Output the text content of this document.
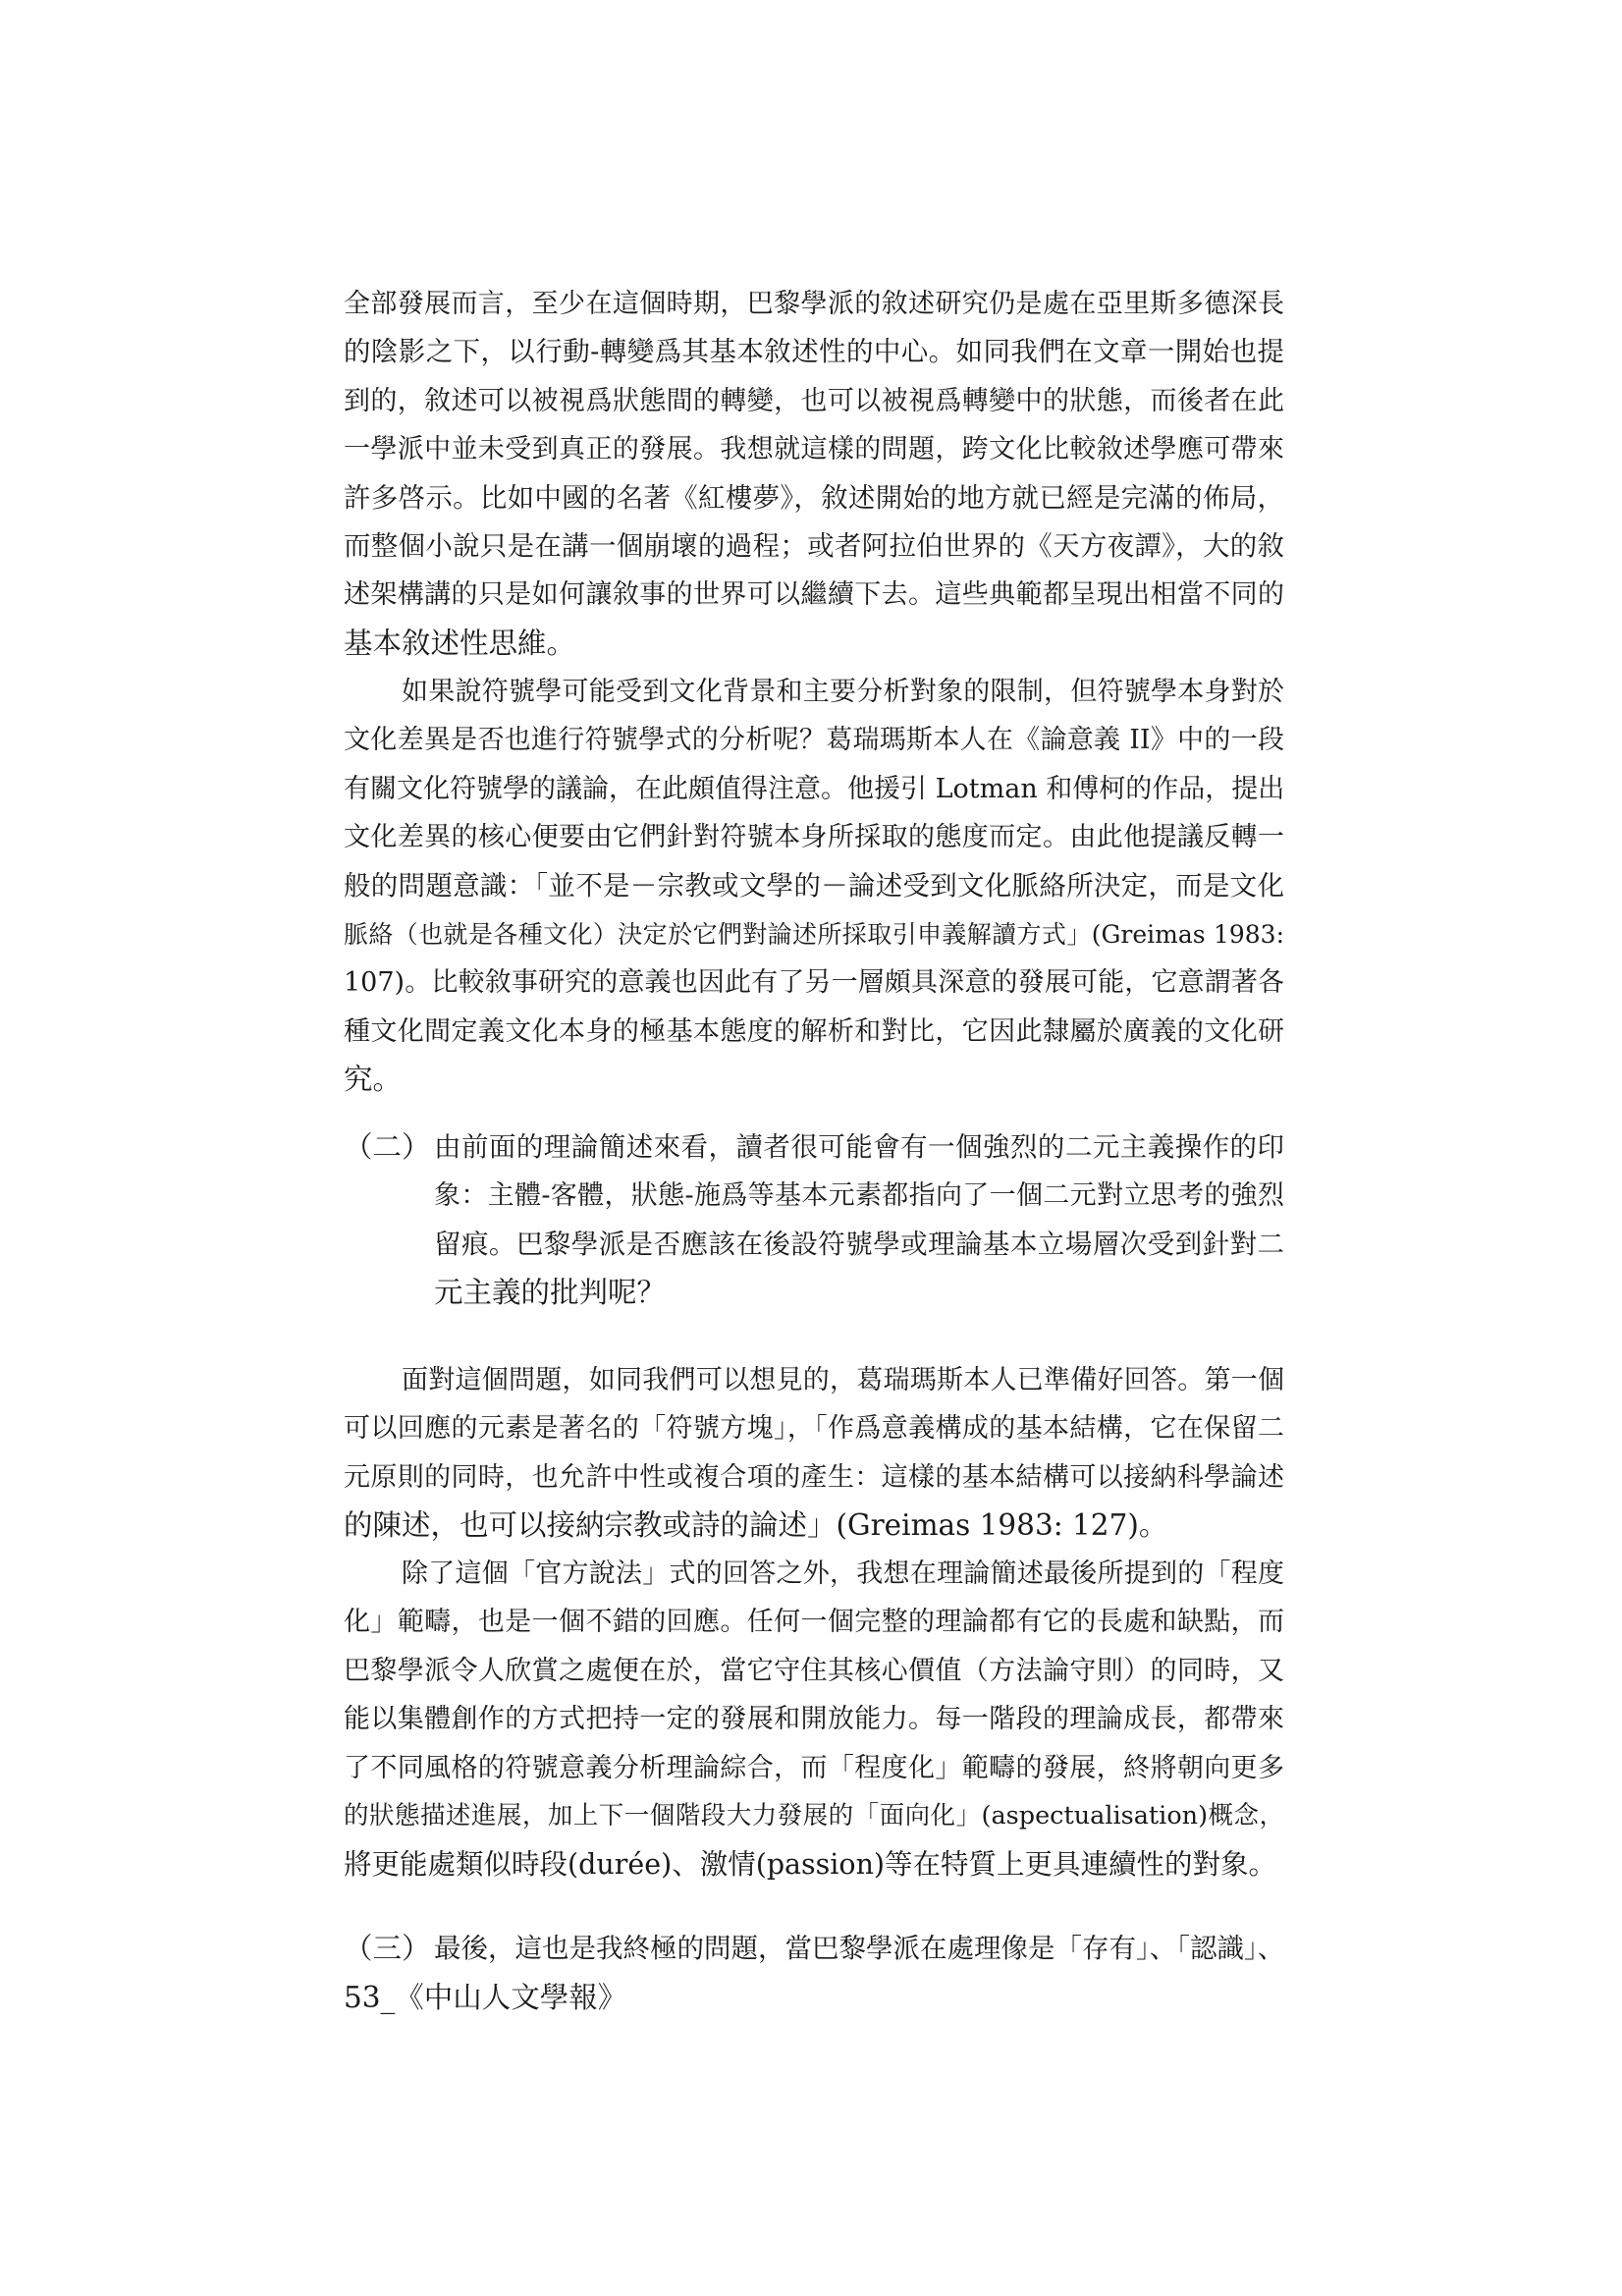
全部發展而言，至少在這個時期，巴黎學派的敘述研究仍是處在亞里斯多德深長
的陰影之下，以行動-轉變爲其基本敘述性的中心。如同我們在文章一開始也提
到的，敘述可以被視爲狀態間的轉變，也可以被視爲轉變中的狀態，而後者在此
一學派中並未受到真正的發展。我想就這樣的問題，跨文化比較敘述學應可帶來
許多啓示。比如中國的名著《紅樓夢》，敘述開始的地方就已經是完滿的佈局，
而整個小說只是在講一個崩壞的過程；或者阿拉伯世界的《天方夜譚》，大的敘
述架構講的只是如何讓敘事的世界可以繼續下去。這些典範都呈現出相當不同的
基本敘述性思維。
如果說符號學可能受到文化背景和主要分析對象的限制，但符號學本身對於
文化差異是否也進行符號學式的分析呢？葛瑞瑪斯本人在《論意義 II》中的一段
有關文化符號學的議論，在此頗值得注意。他援引 Lotman 和傅柯的作品，提出
文化差異的核心便要由它們針對符號本身所採取的態度而定。由此他提議反轉一
般的問題意識：「並不是－宗教或文學的－論述受到文化脈絡所決定，而是文化
脈絡（也就是各種文化）決定於它們對論述所採取引申義解讀方式」(Greimas 1983:
107)。比較敘事研究的意義也因此有了另一層頗具深意的發展可能，它意謂著各
種文化間定義文化本身的極基本態度的解析和對比，它因此隸屬於廣義的文化研
究。
（二） 由前面的理論簡述來看，讀者很可能會有一個強烈的二元主義操作的印
象：主體-客體，狀態-施爲等基本元素都指向了一個二元對立思考的強烈
留痕。巴黎學派是否應該在後設符號學或理論基本立場層次受到針對二
元主義的批判呢？
面對這個問題，如同我們可以想見的，葛瑞瑪斯本人已準備好回答。第一個
可以回應的元素是著名的「符號方塊」，「作爲意義構成的基本結構，它在保留二
元原則的同時，也允許中性或複合項的產生：這樣的基本結構可以接納科學論述
的陳述，也可以接納宗教或詩的論述」(Greimas 1983: 127)。
除了這個「官方說法」式的回答之外，我想在理論簡述最後所提到的「程度
化」範疇，也是一個不錯的回應。任何一個完整的理論都有它的長處和缺點，而
巴黎學派令人欣賞之處便在於，當它守住其核心價值（方法論守則）的同時，又
能以集體創作的方式把持一定的發展和開放能力。每一階段的理論成長，都帶來
了不同風格的符號意義分析理論綜合，而「程度化」範疇的發展，終將朝向更多
的狀態描述進展，加上下一個階段大力發展的「面向化」(aspectualisation)概念，
將更能處類似時段(durée)、激情(passion)等在特質上更具連續性的對象。
（三） 最後，這也是我終極的問題，當巴黎學派在處理像是「存有」、「認識」、
53_《中山人文學報》
